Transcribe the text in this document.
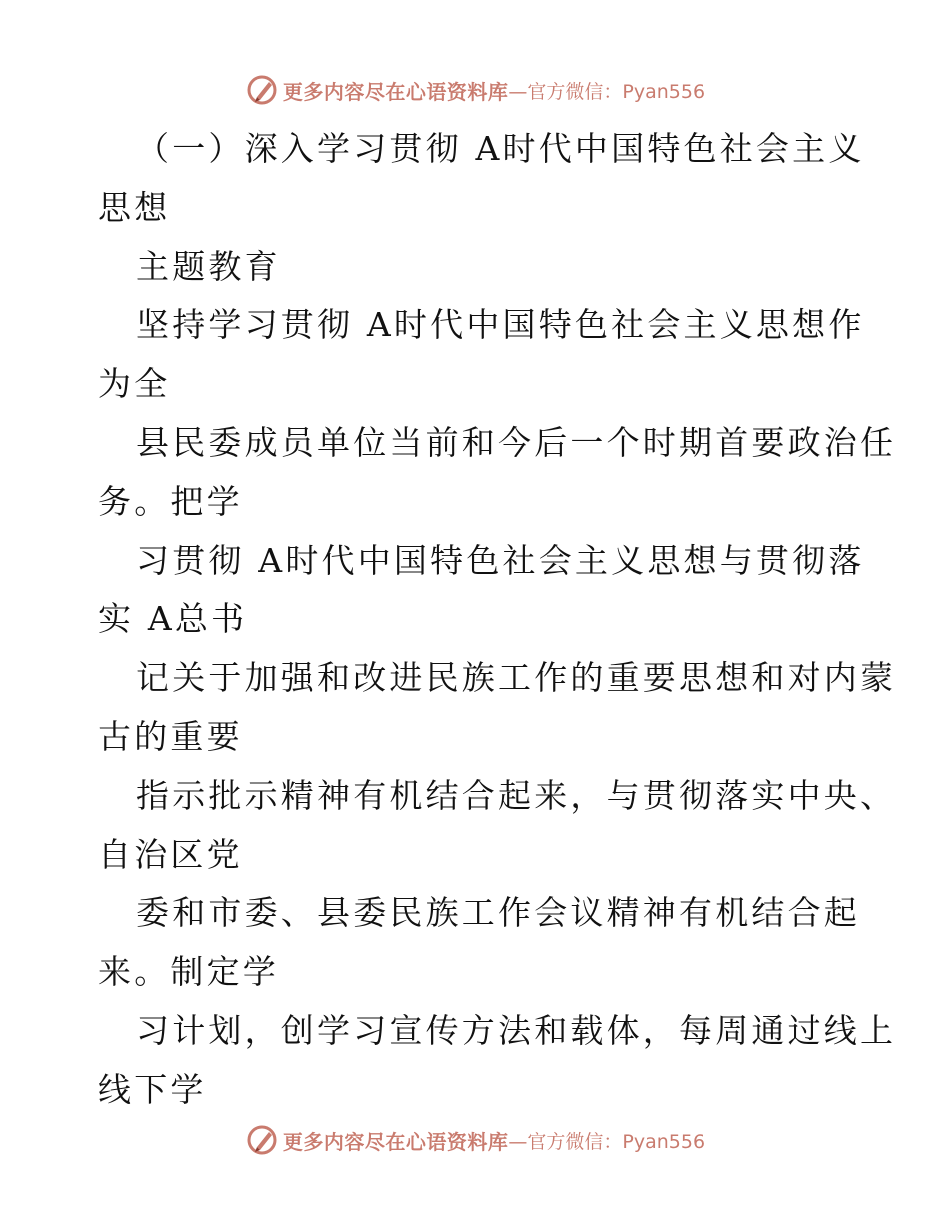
更多内容尽在心语资料库 —官方微信：Pyan556
（一）深入学习贯彻 A时代中国特色社会主义
思想
主题教育
坚持学习贯彻 A时代中国特色社会主义思想作
为全
县民委成员单位当前和今后一个时期首要政治任
务。把学
习贯彻 A时代中国特色社会主义思想与贯彻落
实 A总书
记关于加强和改进民族工作的重要思想和对内蒙
古的重要
指示批示精神有机结合起来，与贯彻落实中央、
自治区党
委和市委、县委民族工作会议精神有机结合起
来。制定学
习计划，创学习宣传方法和载体，每周通过线上
线下学
更多内容尽在心语资料库 —官方微信：Pyan556
